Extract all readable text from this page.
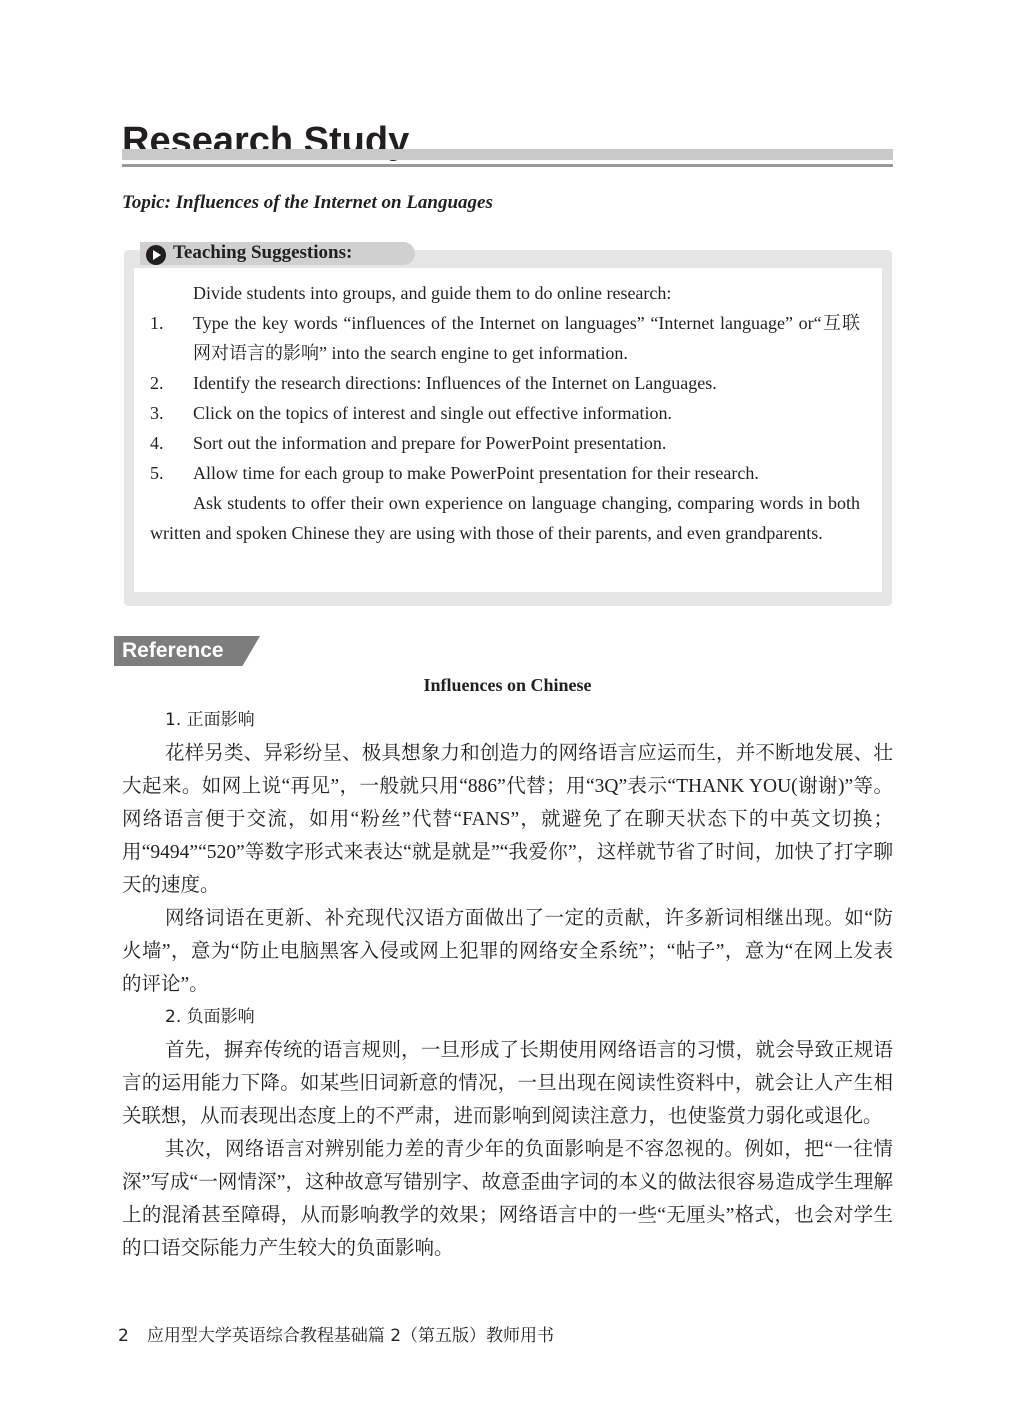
Research Study

Topic: Influences of the Internet on Languages

Teaching Suggestions:

Divide students into groups, and guide them to do online research:

1.	Type the key words “influences of the Internet on languages” “Internet language” or“互联网对语言的影响” into the search engine to get information.
2.	Identify the research directions: Influences of the Internet on Languages.
3.	Click on the topics of interest and single out effective information.
4.	Sort out the information and prepare for PowerPoint presentation.
5.	Allow time for each group to make PowerPoint presentation for their research.

Ask students to offer their own experience on language changing, comparing words in both written and spoken Chinese they are using with those of their parents, and even grandparents.

Reference

Influences on Chinese

1. 正面影响

花样另类、异彩纷呈、极具想象力和创造力的网络语言应运而生，并不断地发展、壮大起来。如网上说“再见”，一般就只用“886”代替；用“3Q”表示“THANK YOU(谢谢)”等。网络语言便于交流，如用“粉丝”代替“FANS”，就避免了在聊天状态下的中英文切换；用“9494”“520”等数字形式来表达“就是就是”“我爱你”，这样就节省了时间，加快了打字聊天的速度。

网络词语在更新、补充现代汉语方面做出了一定的贡献，许多新词相继出现。如“防火墙”，意为“防止电脑黑客入侵或网上犯罪的网络安全系统”；“帖子”，意为“在网上发表的评论”。

2. 负面影响

首先，摒弃传统的语言规则，一旦形成了长期使用网络语言的习惯，就会导致正规语言的运用能力下降。如某些旧词新意的情况，一旦出现在阅读性资料中，就会让人产生相关联想，从而表现出态度上的不严肃，进而影响到阅读注意力，也使鉴赏力弱化或退化。

其次，网络语言对辨别能力差的青少年的负面影响是不容忽视的。例如，把“一往情深”写成“一网情深”，这种故意写错别字、故意歪曲字词的本义的做法很容易造成学生理解上的混淆甚至障碍，从而影响教学的效果；网络语言中的一些“无厘头”格式，也会对学生的口语交际能力产生较大的负面影响。

2 应用型大学英语综合教程基础篇 2（第五版）教师用书
